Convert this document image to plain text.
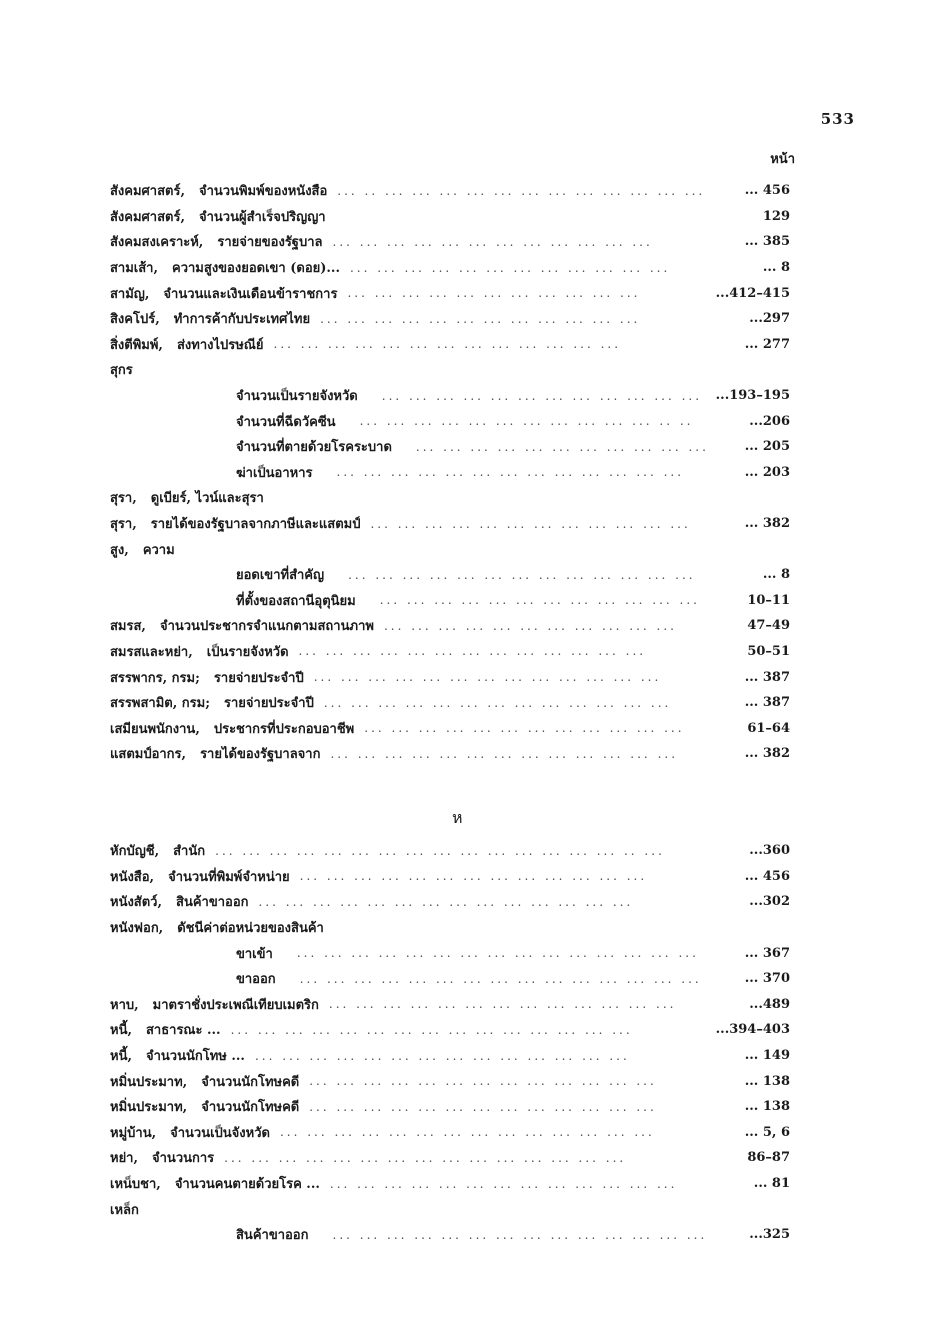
533
หน้า
สังคมศาสตร์, จำนวนพิมพ์ของหนังสือ ... .. ... ... ... ... ... ... ... ... ... ... ... ...	... 456
สังคมศาสตร์, จำนวนผู้สำเร็จปริญญา	129
สังคมสงเคราะห์, รายจ่ายของรัฐบาล ... ... ... ... ... ... ... ... ... ... ... ...	... 385
สามเส้า, ความสูงของยอดเขา (ดอย)... ... ... ... ... ... ... ... ... ... ... ... ...	... 8
สามัญ, จำนวนและเงินเดือนข้าราชการ ... ... ... ... ... ... ... ... ... ... ...	...412–415
สิงคโปร์, ทำการค้ากับประเทศไทย ... ... ... ... ... ... ... ... ... ... ... ...	...297
สิ่งตีพิมพ์, ส่งทางไปรษณีย์ ... ... ... ... ... ... ... ... ... ... ... ... ...	... 277
สุกร
จำนวนเป็นรายจังหวัด ... ... ... ... ... ... ... ... ... ... ... ...	...193–195
จำนวนที่ฉีดวัคซีน ... ... ... ... ... ... ... ... ... ... ... .. ..	...206
จำนวนที่ตายด้วยโรคระบาด ... ... ... ... ... ... ... ... ... ... ...	... 205
ฆ่าเป็นอาหาร ... ... ... ... ... ... ... ... ... ... ... ... ...	... 203
สุรา, ดูเบียร์, ไวน์และสุรา
สุรา, รายได้ของรัฐบาลจากภาษีและแสตมป์ ... ... ... ... ... ... ... ... ... ... ... ...	... 382
สูง, ความ
ยอดเขาที่สำคัญ ... ... ... ... ... ... ... ... ... ... ... ... ...	... 8
ที่ตั้งของสถานีอุตุนิยม ... ... ... ... ... ... ... ... ... ... ... ...	10–11
สมรส, จำนวนประชากรจำแนกตามสถานภาพ ... ... ... ... ... ... ... ... ... ... ...	47–49
สมรสและหย่า, เป็นรายจังหวัด ... ... ... ... ... ... ... ... ... ... ... ... ...	50–51
สรรพากร, กรม; รายจ่ายประจำปี ... ... ... ... ... ... ... ... ... ... ... ... ...	... 387
สรรพสามิต, กรม; รายจ่ายประจำปี ... ... ... ... ... ... ... ... ... ... ... ... ...	... 387
เสมียนพนักงาน, ประชากรที่ประกอบอาชีพ ... ... ... ... ... ... ... ... ... ... ... ...	61–64
แสตมป์อากร, รายได้ของรัฐบาลจาก ... ... ... ... ... ... ... ... ... ... ... ... ...	... 382
ห
หักบัญชี, สำนัก ... ... ... ... ... ... ... ... ... ... ... ... ... ... ... .. ...	...360
หนังสือ, จำนวนที่พิมพ์จำหน่าย ... ... ... ... ... ... ... ... ... ... ... ... ...	... 456
หนังสัตว์, สินค้าขาออก ... ... ... ... ... ... ... ... ... ... ... ... ... ...	...302
หนังฟอก, ดัชนีค่าต่อหน่วยของสินค้า
ขาเข้า ... ... ... ... ... ... ... ... ... ... ... ... ... ... ...	... 367
ขาออก ... ... ... ... ... ... ... ... ... ... ... ... ... ... ...	... 370
หาบ, มาตราชั่งประเพณีเทียบเมตริก ... ... ... ... ... ... ... ... ... ... ... ... ...	...489
หนี้, สาธารณะ ... ... ... ... ... ... ... ... ... ... ... ... ... ... ... ...	...394–403
หนี้, จำนวนนักโทษ ... ... ... ... ... ... ... ... ... ... ... ... ... ... ...	... 149
หมิ่นประมาท, จำนวนนักโทษคดี ... ... ... ... ... ... ... ... ... ... ... ... ...	... 138
หมิ่นประมาท, จำนวนนักโทษคดี ... ... ... ... ... ... ... ... ... ... ... ... ...	... 138
หมู่บ้าน, จำนวนเป็นจังหวัด ... ... ... ... ... ... ... ... ... ... ... ... ... ...	... 5, 6
หย่า, จำนวนการ ... ... ... ... ... ... ... ... ... ... ... ... ... ... ...	86–87
เหน็บชา, จำนวนคนตายด้วยโรค ... ... ... ... ... ... ... ... ... ... ... ... ... ...	... 81
เหล็ก
สินค้าขาออก ... ... ... ... ... ... ... ... ... ... ... ... ... ...	...325
